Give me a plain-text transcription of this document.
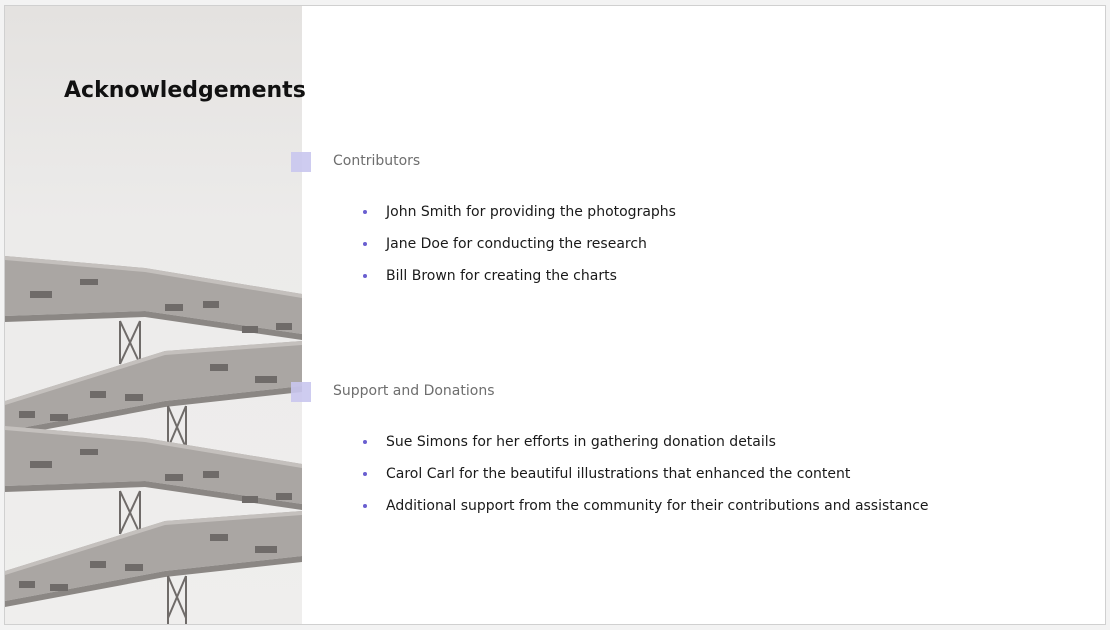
Acknowledgements
Contributors
John Smith for providing the photographs
Jane Doe for conducting the research
Bill Brown for creating the charts
Support and Donations
Sue Simons for her efforts in gathering donation details
Carol Carl for the beautiful illustrations that enhanced the content
Additional support from the community for their contributions and assistance
